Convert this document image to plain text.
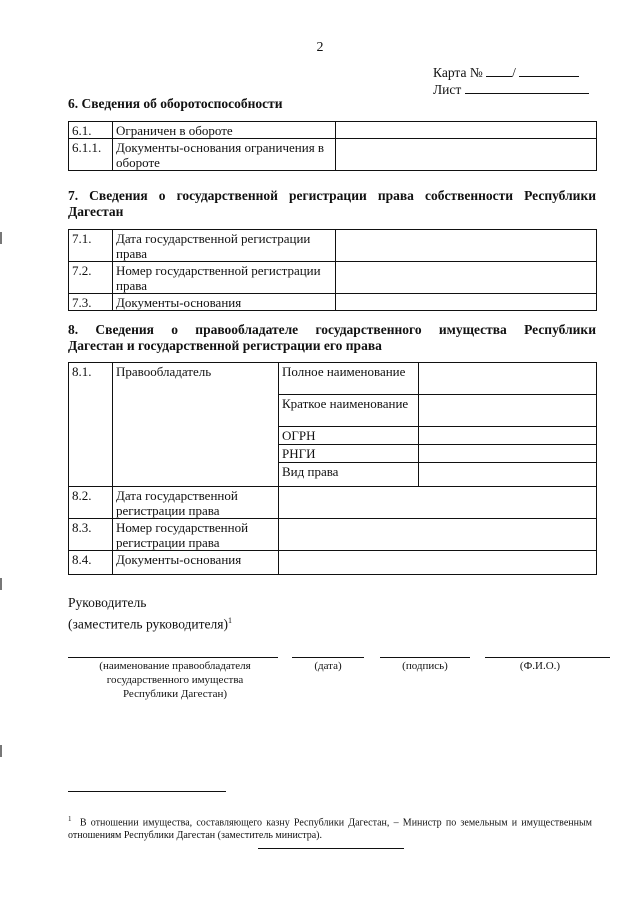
2
Карта № /
Лист
6. Сведения об оборотоспособности
6.1.	Ограничен в обороте	
6.1.1.	Документы-основания ограничения в обороте	
7. Сведения о государственной регистрации права собственности Республики
Дагестан
7.1.	Дата государственной регистрации права	
7.2.	Номер государственной регистрации права	
7.3.	Документы-основания	
8. Сведения о правообладателе государственного имущества Республики
Дагестан и государственной регистрации его права
8.1.	Правообладатель	Полное наименование	
		Краткое наименование	
		ОГРН	
		РНГИ	
		Вид права	
8.2.	Дата государственной регистрации права		
8.3.	Номер государственной регистрации права		
8.4.	Документы-основания		
Руководитель
(заместитель руководителя)$^1$
(наименование правообладателя государственного имущества Республики Дагестан)
(дата)	(подпись)	(Ф.И.О.)
$^1$ В отношении имущества, составляющего казну Республики Дагестан, – Министр по земельным и имущественным отношениям Республики Дагестан (заместитель министра).
